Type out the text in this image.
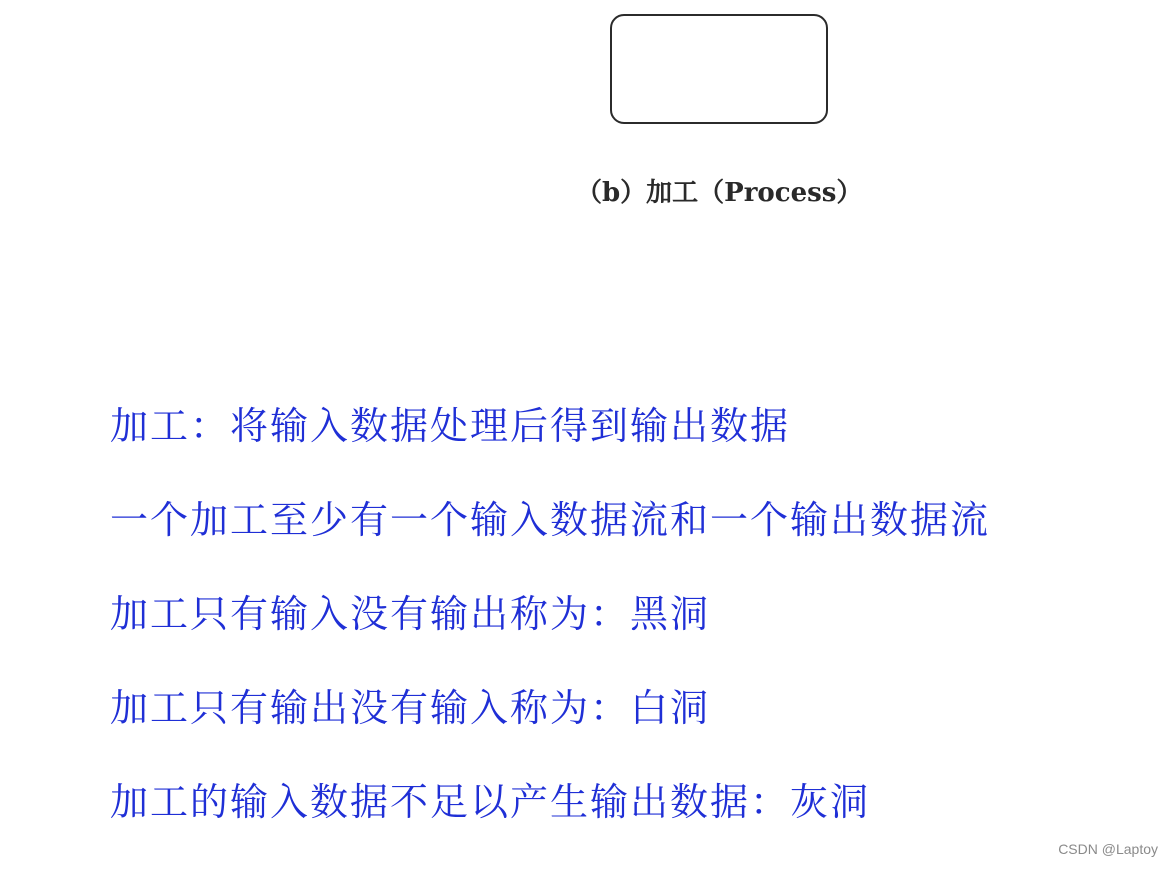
（b）加工（Process）
加工：将输入数据处理后得到输出数据
一个加工至少有一个输入数据流和一个输出数据流
加工只有输入没有输出称为：黑洞
加工只有输出没有输入称为：白洞
加工的输入数据不足以产生输出数据：灰洞
CSDN @Laptoy
